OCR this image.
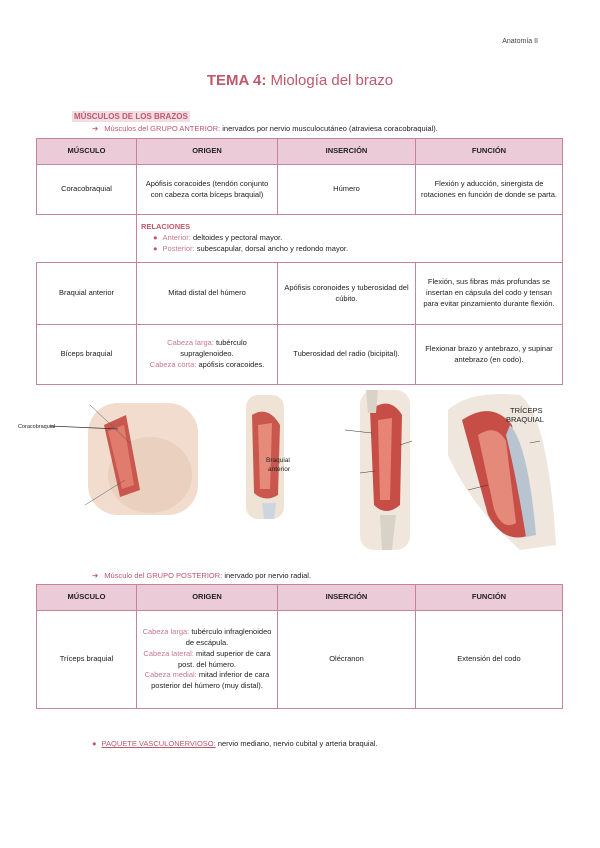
Anatomía II
TEMA 4: Miología del brazo
MÚSCULOS DE LOS BRAZOS
➔ Músculos del GRUPO ANTERIOR: inervados por nervio musculocutáneo (atraviesa coracobraquial).
MÚSCULO	ORIGEN	INSERCIÓN	FUNCIÓN
Coracobraquial	Apófisis coracoides (tendón conjunto con cabeza corta bíceps braquial)	Húmero	Flexión y aducción, sinergista de rotaciones en función de donde se parta.

	RELACIONES
● Anterior: deltoides y pectoral mayor.
● Posterior: subescapular, dorsal ancho y redondo mayor.		

Braquial anterior	Mitad distal del húmero	Apófisis coronoides y tuberosidad del cúbito.	Flexión, sus fibras más profundas se insertan en cápsula del codo y tensan para evitar pinzamiento durante flexión.
Bíceps braquial	Cabeza larga: tubérculo supraglenoideo.
Cabeza corta: apófisis coracoides.	Tuberosidad del radio (bicipital).	Flexionar brazo y antebrazo, y supinar antebrazo (en codo).
Coracobraquial
Braquial
anterior
TRÍCEPS
BRAQUIAL
➔ Músculo del GRUPO POSTERIOR: inervado por nervio radial.
MÚSCULO	ORIGEN	INSERCIÓN	FUNCIÓN
Tríceps braquial	Cabeza larga: tubérculo infraglenoideo de escápula.
Cabeza lateral: mitad superior de cara post. del húmero.
Cabeza medial: mitad inferior de cara posterior del húmero (muy distal).	Olécranon	Extensión del codo
● PAQUETE VASCULONERVIOSO: nervio mediano, nervio cubital y arteria braquial.
